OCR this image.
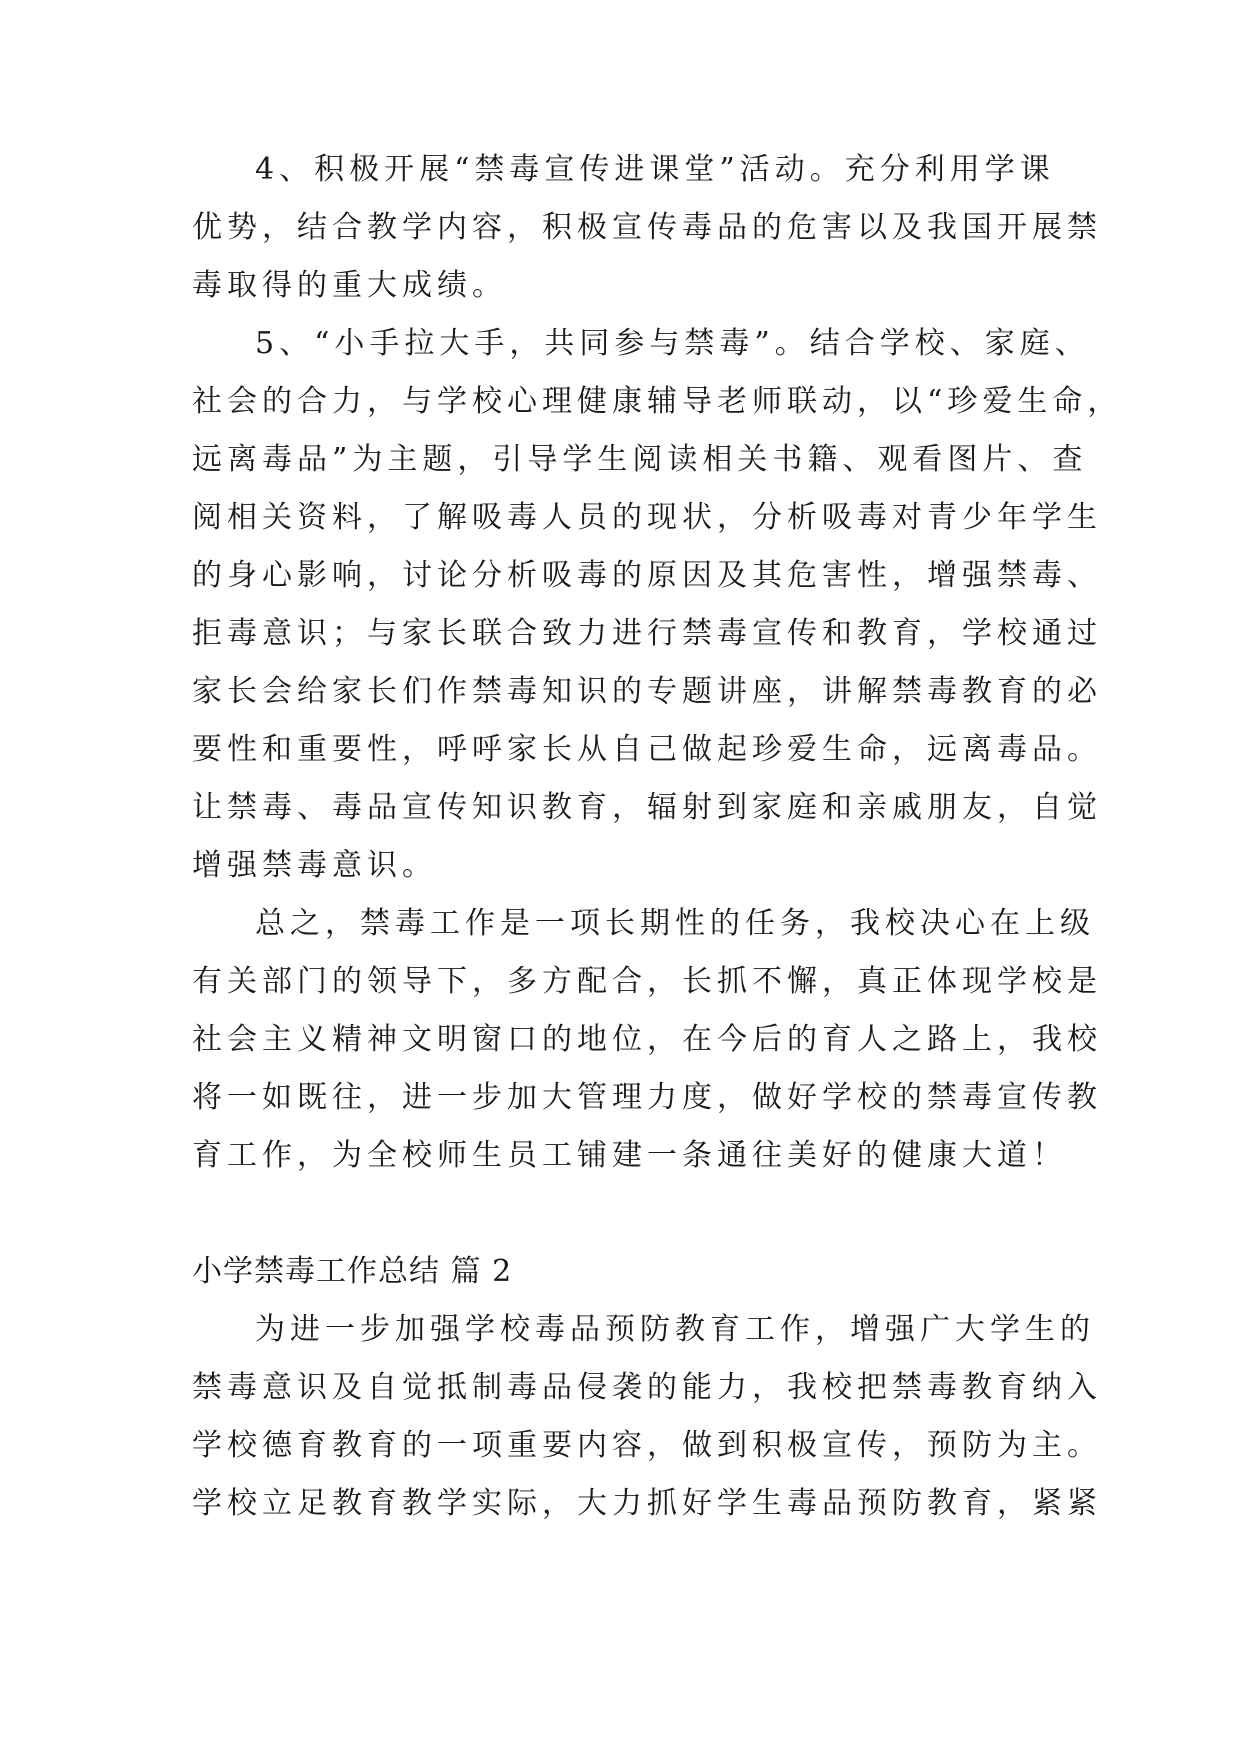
4、积极开展“禁毒宣传进课堂”活动。充分利用学课
优势，结合教学内容，积极宣传毒品的危害以及我国开展禁
毒取得的重大成绩。
5、“小手拉大手，共同参与禁毒”。结合学校、家庭、
社会的合力，与学校心理健康辅导老师联动，以“珍爱生命，
远离毒品”为主题，引导学生阅读相关书籍、观看图片、查
阅相关资料，了解吸毒人员的现状，分析吸毒对青少年学生
的身心影响，讨论分析吸毒的原因及其危害性，增强禁毒、
拒毒意识；与家长联合致力进行禁毒宣传和教育，学校通过
家长会给家长们作禁毒知识的专题讲座，讲解禁毒教育的必
要性和重要性，呼呼家长从自己做起珍爱生命，远离毒品。
让禁毒、毒品宣传知识教育，辐射到家庭和亲戚朋友，自觉
增强禁毒意识。
总之，禁毒工作是一项长期性的任务，我校决心在上级
有关部门的领导下，多方配合，长抓不懈，真正体现学校是
社会主义精神文明窗口的地位，在今后的育人之路上，我校
将一如既往，进一步加大管理力度，做好学校的禁毒宣传教
育工作，为全校师生员工铺建一条通往美好的健康大道！
小学禁毒工作总结 篇 2
为进一步加强学校毒品预防教育工作，增强广大学生的
禁毒意识及自觉抵制毒品侵袭的能力，我校把禁毒教育纳入
学校德育教育的一项重要内容，做到积极宣传，预防为主。
学校立足教育教学实际，大力抓好学生毒品预防教育，紧紧
